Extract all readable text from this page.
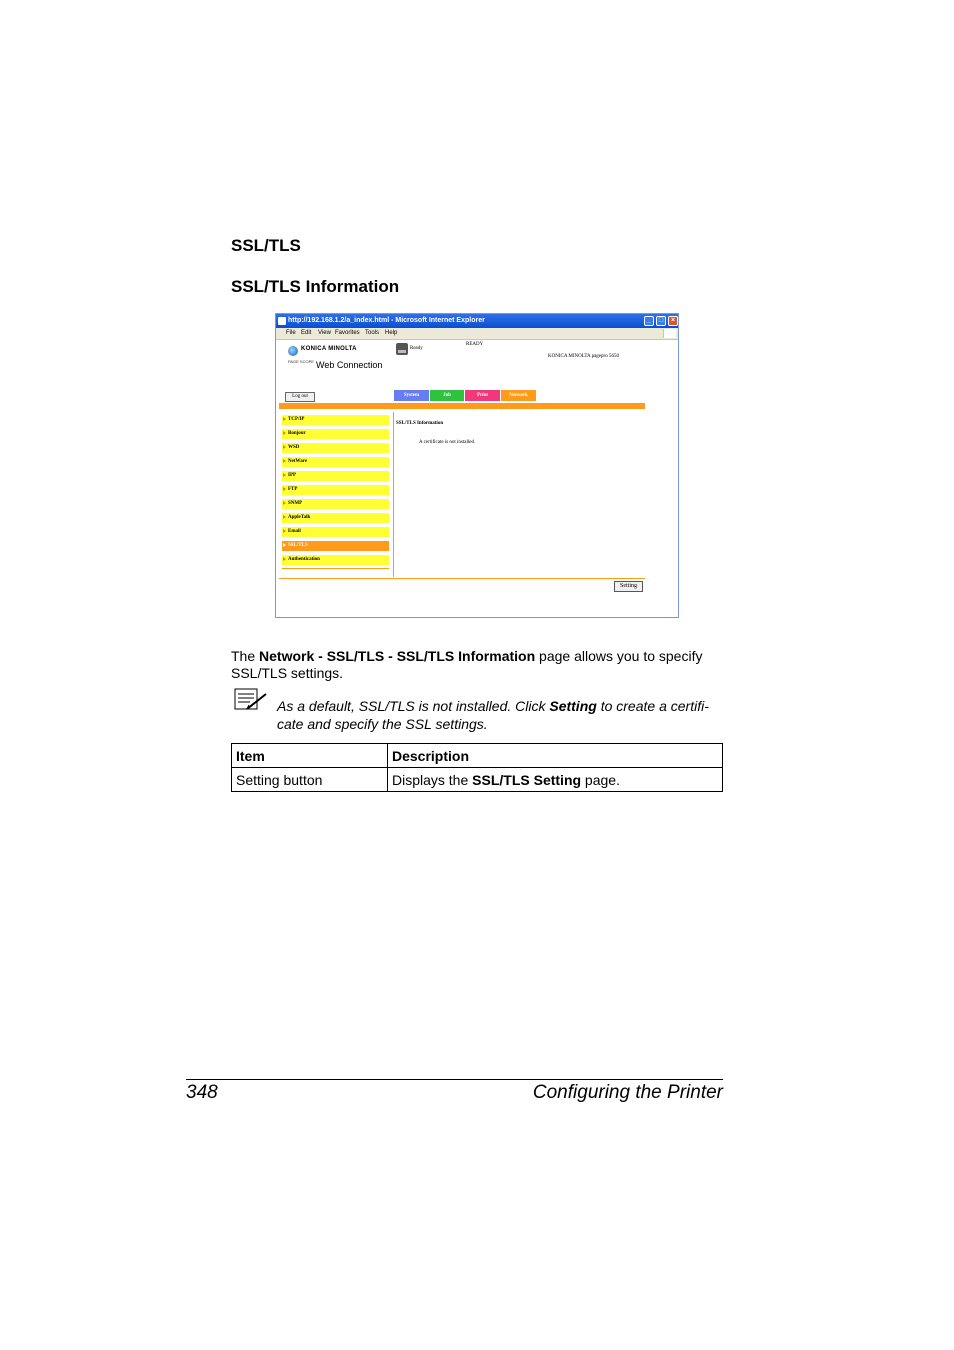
SSL/TLS
SSL/TLS Information
http://192.168.1.2/a_index.html - Microsoft Internet Explorer	_	□	×
File Edit View Favorites Tools Help
KONICA MINOLTA
PAGE SCOPE Web Connection
Ready
READY
KONICA MINOLTA pagepro 5650
Log out	System	Job	Print	Network
TCP/IP
Bonjour
WSD
NetWare
IPP
FTP
SNMP
AppleTalk
Email
SSL/TLS
Authentication
SSL/TLS Information
A certificate is not installed.
Setting
The Network - SSL/TLS - SSL/TLS Information page allows you to specify SSL/TLS settings.
As a default, SSL/TLS is not installed. Click Setting to create a certifi-cate and specify the SSL settings.
Item	Description
Setting button	Displays the SSL/TLS Setting page.
348	Configuring the Printer
